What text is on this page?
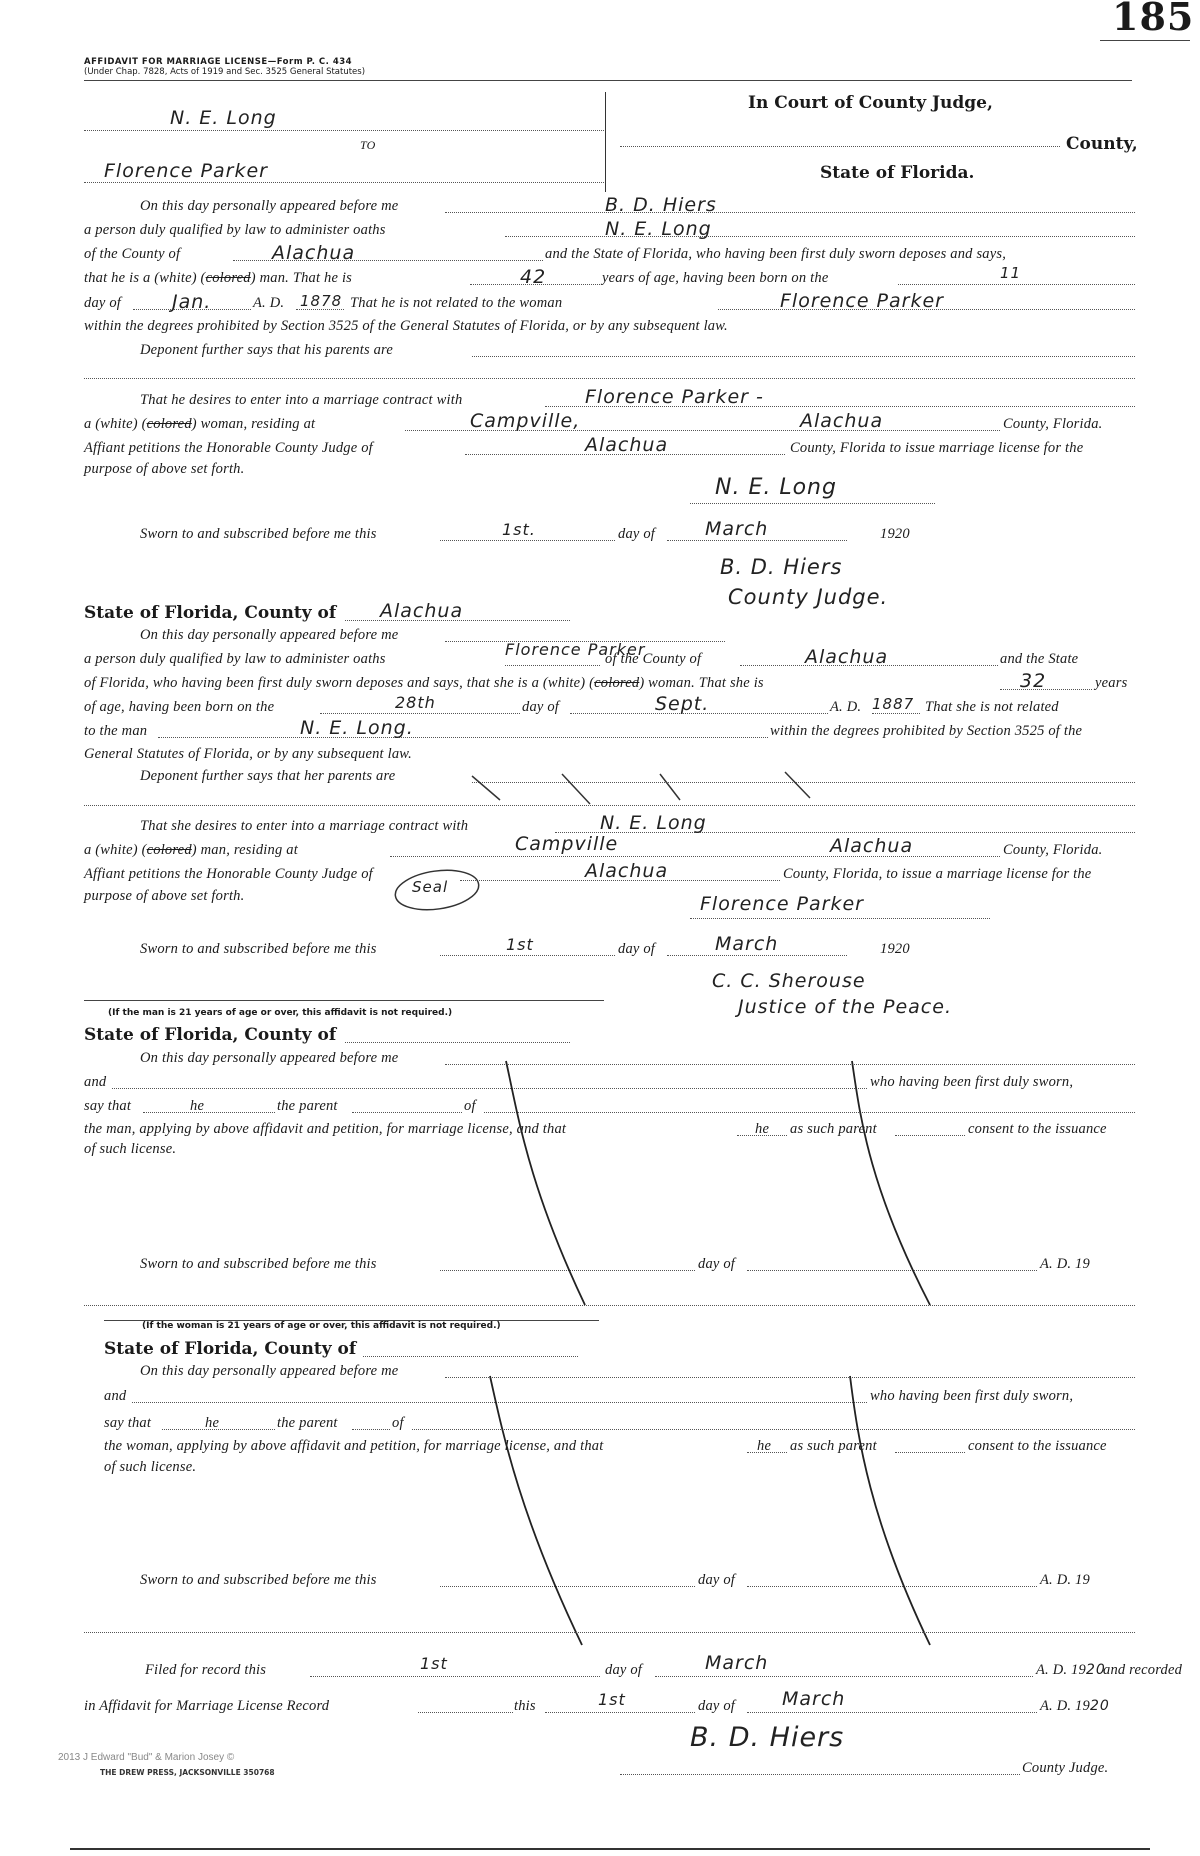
185
AFFIDAVIT FOR MARRIAGE LICENSE—Form P. C. 434
(Under Chap. 7828, Acts of 1919 and Sec. 3525 General Statutes)
N. E. Long
TO
Florence Parker
In Court of County Judge,
County,
State of Florida.
On this day personally appeared before me	B. D. Hiers
a person duly qualified by law to administer oaths	N. E. Long
of the County of	Alachua	and the State of Florida, who having been first duly sworn deposes and says,
that he is a (white) (colored) man. That he is	42	years of age, having been born on the	11
day of	Jan.	A. D. 1878 That he is not related to the woman	Florence Parker
within the degrees prohibited by Section 3525 of the General Statutes of Florida, or by any subsequent law.
Deponent further says that his parents are
That he desires to enter into a marriage contract with	Florence Parker -
a (white) (colored) woman, residing at	Campville,	Alachua	County, Florida.
Affiant petitions the Honorable County Judge of	Alachua	County, Florida to issue marriage license for the
purpose of above set forth.
N. E. Long
Sworn to and subscribed before me this	1st.	day of	March	1920
B. D. Hiers
County Judge.
State of Florida, County of Alachua
On this day personally appeared before me
a person duly qualified by law to administer oaths	Florence Parker
of the County of	Alachua	and the State
of Florida, who having been first duly sworn deposes and says, that she is a (white) (colored) woman. That she is	32	years
of age, having been born on the	28th	day of	Sept.	A. D. 1887 That she is not related
to the man	N. E. Long.	within the degrees prohibited by Section 3525 of the
General Statutes of Florida, or by any subsequent law.
Deponent further says that her parents are
That she desires to enter into a marriage contract with	N. E. Long
a (white) (colored) man, residing at	Campville	Alachua	County, Florida.
Affiant petitions the Honorable County Judge of	Alachua	County, Florida, to issue a marriage license for the
purpose of above set forth.	Seal
Florence Parker
Sworn to and subscribed before me this	1st	day of	March	1920
C. C. Sherouse
Justice of the Peace.
(If the man is 21 years of age or over, this affidavit is not required.)
State of Florida, County of
On this day personally appeared before me
and	who having been first duly sworn,
say that	he	the parent	of
the man, applying by above affidavit and petition, for marriage license, and that	he as such parent	consent to the issuance
of such license.
Sworn to and subscribed before me this	day of	A. D. 19
(If the woman is 21 years of age or over, this affidavit is not required.)
State of Florida, County of
On this day personally appeared before me
and	who having been first duly sworn,
say that	he	the parent	of
the woman, applying by above affidavit and petition, for marriage license, and that	he as such parent	consent to the issuance
of such license.
Sworn to and subscribed before me this	day of	A. D. 19
Filed for record this	1st	day of	March	A. D. 1920
and recorded
in Affidavit for Marriage License Record	this	1st	day of March	A. D. 1920
B. D. Hiers
County Judge.
2013 J Edward "Bud" & Marion Josey ©
THE DREW PRESS, JACKSONVILLE 350768
